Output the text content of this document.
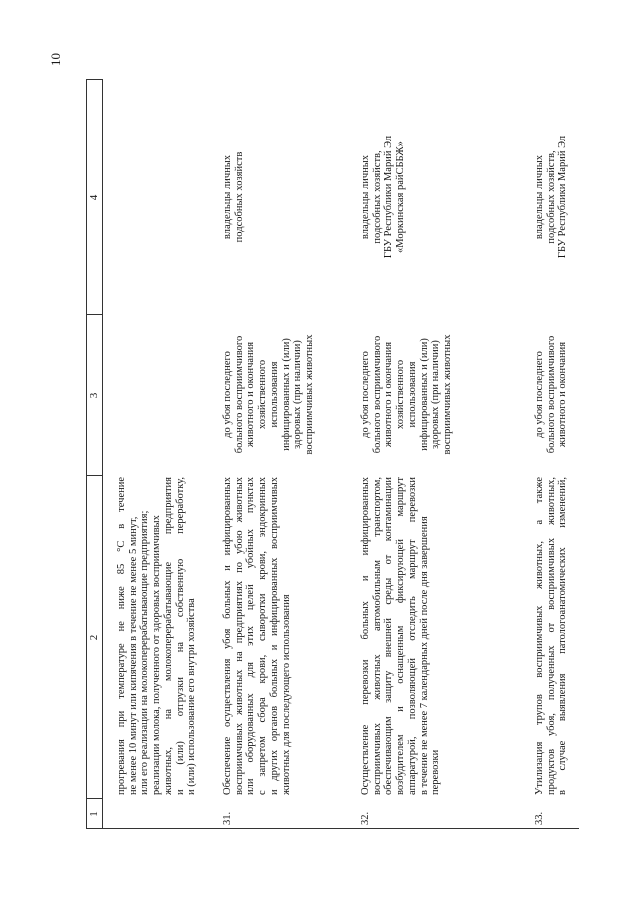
10
1
2
3
4
прогревания при температуре не ниже 85 °С в течение не менее 10 минут или кипячения в течение не менее 5 минут, или его реализации на молокоперерабатывающие предприятия; реализации молока, полученного от здоровых восприимчивых животных, на молокоперерабатывающие предприятия и (или) отгрузки на собственную переработку, и (или) использование его внутри хозяйства
31.
Обеспечение осуществления убоя больных и инфицированных восприимчивых животных на предприятиях по убою животных или оборудованных для этих целей убойных пунктах с запретом сбора крови, сыворотки крови, эндокринных и других органов больных и инфицированных восприимчивых животных для последующего использования
до убоя последнего больного восприимчивого животного и окончания хозяйственного использования инфицированных и (или) здоровых (при наличии) восприимчивых животных
владельцы личных подсобных хозяйств
32.
Осуществление перевозки больных и инфицированных восприимчивых животных автомобильным транспортом, обеспечивающим защиту внешней среды от контаминации возбудителем и оснащенным фиксирующей маршрут аппаратурой, позволяющей отследить маршрут перевозки в течение не менее 7 календарных дней после дня завершения перевозки
до убоя последнего больного восприимчивого животного и окончания хозяйственного использования инфицированных и (или) здоровых (при наличии) восприимчивых животных
владельцы личных подсобных хозяйств, ГБУ Республики Марий Эл «Моркинская райСББЖ»
33.
Утилизация трупов восприимчивых животных, а также продуктов убоя, полученных от восприимчивых животных, в случае выявления патологоанатомических изменений,
до убоя последнего больного восприимчивого животного и окончания
владельцы личных подсобных хозяйств, ГБУ Республики Марий Эл
